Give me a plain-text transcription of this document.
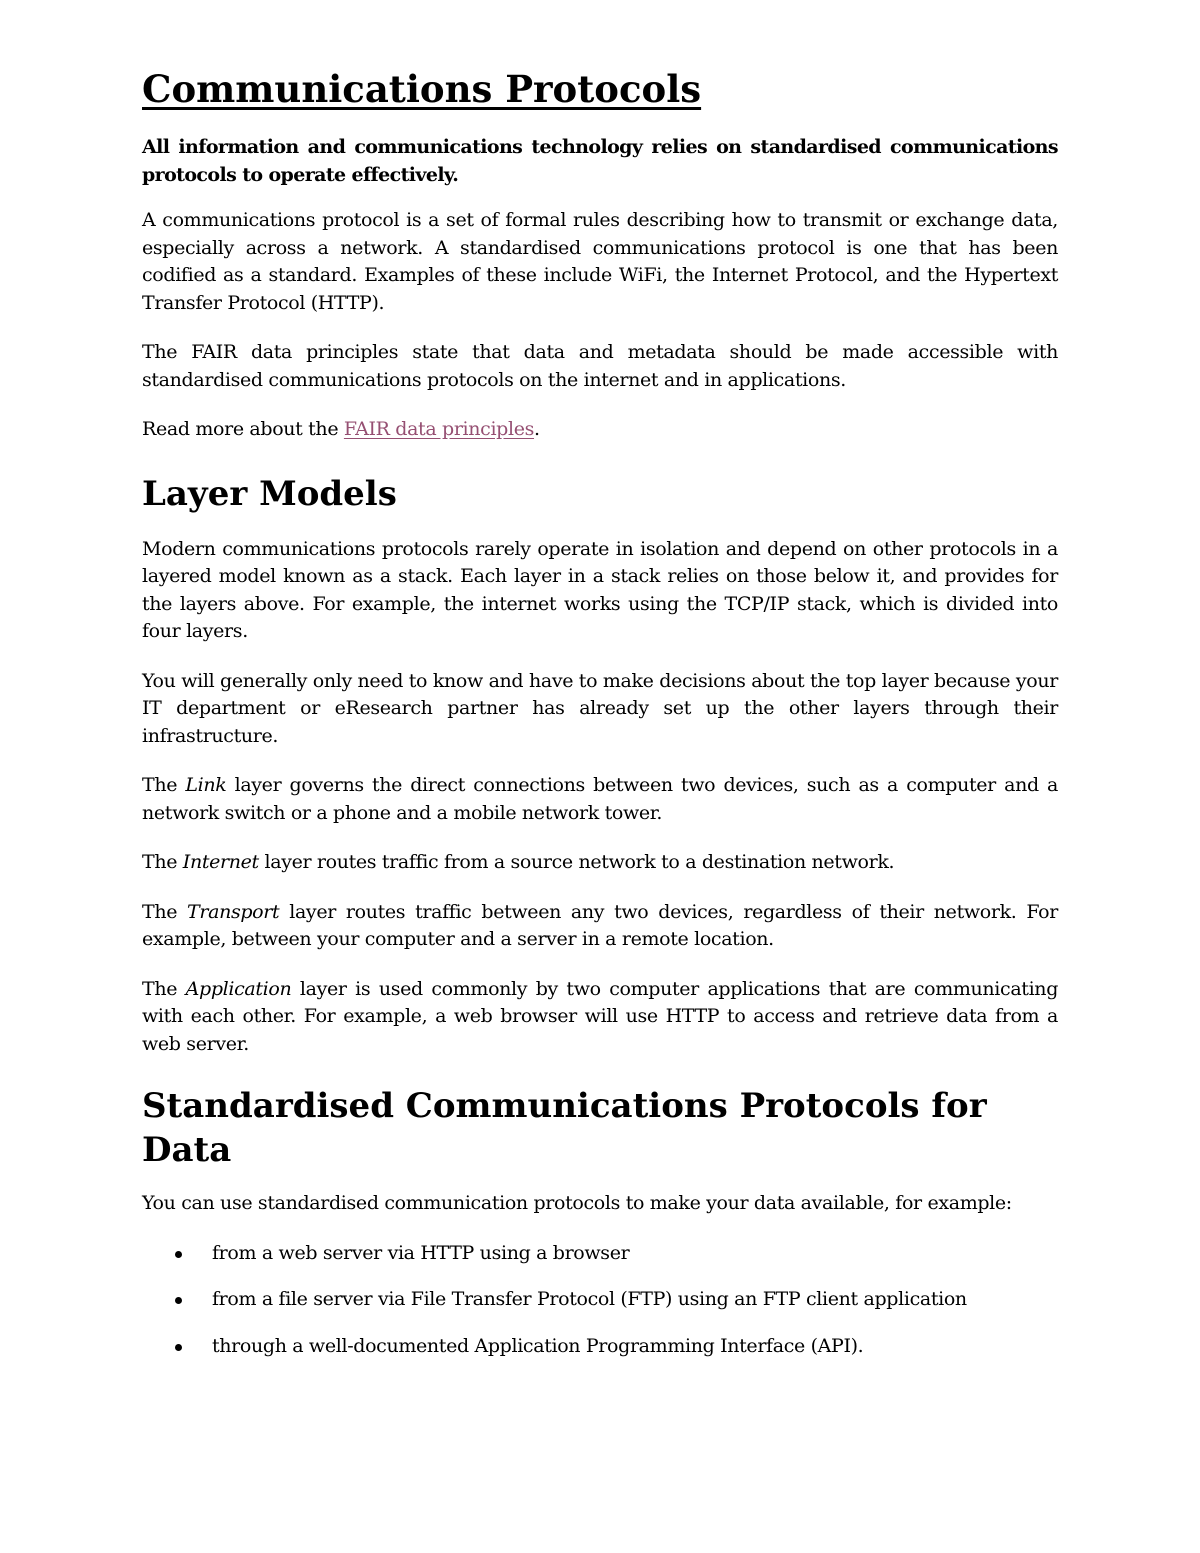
Communications Protocols

All information and communications technology relies on standardised communications protocols to operate effectively.

A communications protocol is a set of formal rules describing how to transmit or exchange data, especially across a network. A standardised communications protocol is one that has been codified as a standard. Examples of these include WiFi, the Internet Protocol, and the Hypertext Transfer Protocol (HTTP).

The FAIR data principles state that data and metadata should be made accessible with standardised communications protocols on the internet and in applications.

Read more about the FAIR data principles.

Layer Models

Modern communications protocols rarely operate in isolation and depend on other protocols in a layered model known as a stack. Each layer in a stack relies on those below it, and provides for the layers above. For example, the internet works using the TCP/IP stack, which is divided into four layers.

You will generally only need to know and have to make decisions about the top layer because your IT department or eResearch partner has already set up the other layers through their infrastructure.

The Link layer governs the direct connections between two devices, such as a computer and a network switch or a phone and a mobile network tower.

The Internet layer routes traffic from a source network to a destination network.

The Transport layer routes traffic between any two devices, regardless of their network. For example, between your computer and a server in a remote location.

The Application layer is used commonly by two computer applications that are communicating with each other. For example, a web browser will use HTTP to access and retrieve data from a web server.

Standardised Communications Protocols for Data

You can use standardised communication protocols to make your data available, for example:

from a web server via HTTP using a browser
from a file server via File Transfer Protocol (FTP) using an FTP client application
through a well-documented Application Programming Interface (API).
